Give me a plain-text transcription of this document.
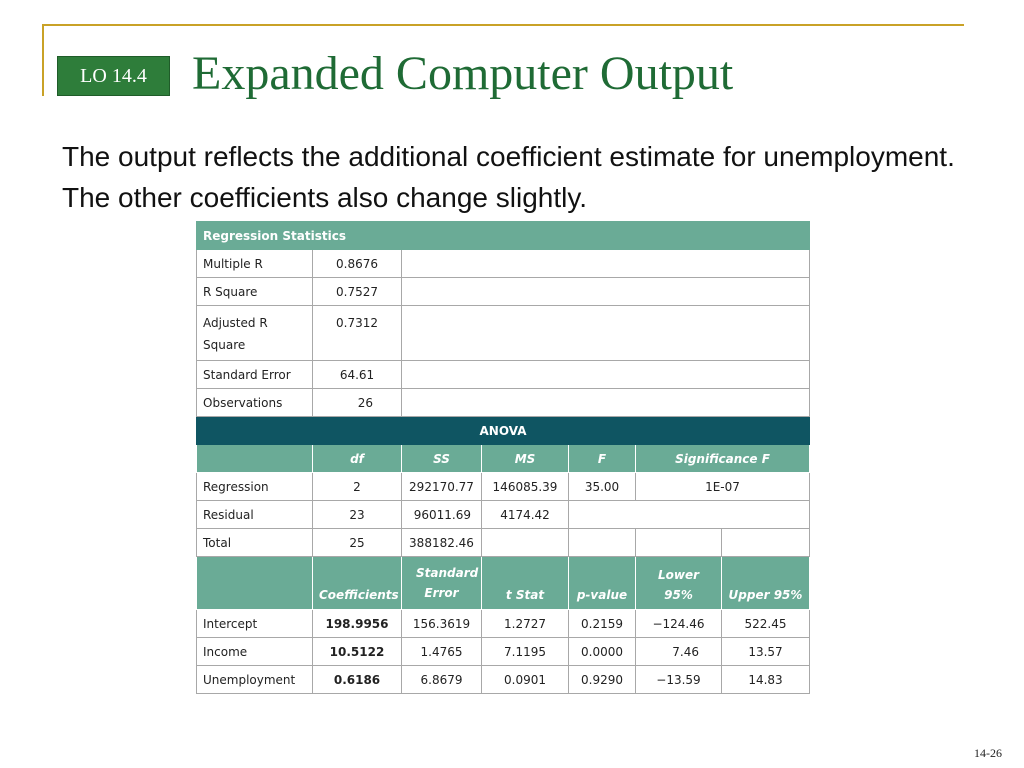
LO 14.4 Expanded Computer Output

The output reflects the additional coefficient estimate for unemployment. The other coefficients also change slightly.

Regression Statistics						
Multiple R	0.8676					
R Square	0.7527					
Adjusted R Square	0.7312					
Standard Error	64.61					
Observations	26					
ANOVA						
	df	SS	MS	F	Significance F	
Regression	2	292170.77	146085.39	35.00	1E-07	
Residual	23	96011.69	4174.42			
Total	25	388182.46				
	Coefficients	Standard Error	t Stat	p-value	Lower 95%	Upper 95%
Intercept	198.9956	156.3619	1.2727	0.2159	−124.46	522.45
Income	10.5122	1.4765	7.1195	0.0000	7.46	13.57
Unemployment	0.6186	6.8679	0.0901	0.9290	−13.59	14.83
14-26
